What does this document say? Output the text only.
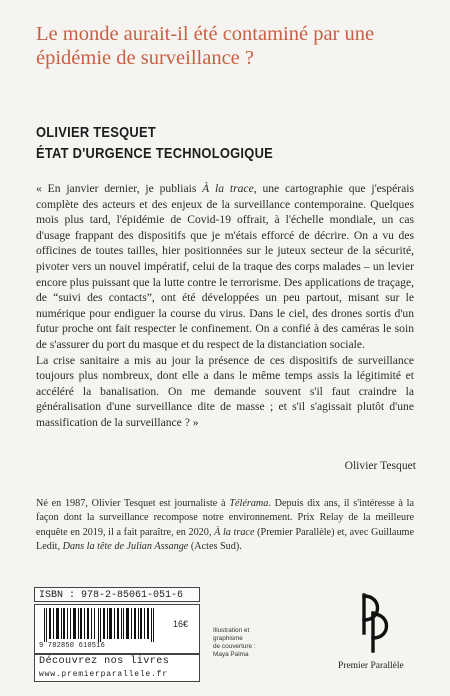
Le monde aurait-il été contaminé par une épidémie de surveillance ?
OLIVIER TESQUET
ÉTAT D'URGENCE TECHNOLOGIQUE

« En janvier dernier, je publiais À la trace, une cartographie que j'espérais complète des acteurs et des enjeux de la surveillance contemporaine. Quelques mois plus tard, l'épidémie de Covid-19 offrait, à l'échelle mondiale, un cas d'usage frappant des dispositifs que je m'étais efforcé de décrire. On a vu des officines de toutes tailles, hier positionnées sur le juteux secteur de la sécurité, pivoter vers un nouvel impératif, celui de la traque des corps malades – un levier encore plus puissant que la lutte contre le terrorisme. Des applications de traçage, de “suivi des contacts”, ont été développées un peu partout, misant sur le numérique pour endiguer la course du virus. Dans le ciel, des drones sortis d'un futur proche ont fait respecter le confinement. On a confié à des caméras le soin de s'assurer du port du masque et du respect de la distanciation sociale.

La crise sanitaire a mis au jour la présence de ces dispositifs de surveillance toujours plus nombreux, dont elle a dans le même temps assis la légitimité et accéléré la banalisation. On me demande souvent s'il faut craindre la généralisation d'une surveillance dite de masse ; et s'il s'agissait plutôt d'une massification de la surveillance ? »

Olivier Tesquet
Né en 1987, Olivier Tesquet est journaliste à Télérama. Depuis dix ans, il s'intéresse à la façon dont la surveillance recompose notre environnement. Prix Relay de la meilleure enquête en 2019, il a fait paraître, en 2020, À la trace (Premier Parallèle) et, avec Guillaume Ledit, Dans la tête de Julian Assange (Actes Sud).
ISBN : 978-2-85061-051-6
9 782850 610516
16€
Découvrez nos livres
www.premierparallele.fr
Illustration et
graphisme
de couverture :
Maya Palma
Premier Parallèle
